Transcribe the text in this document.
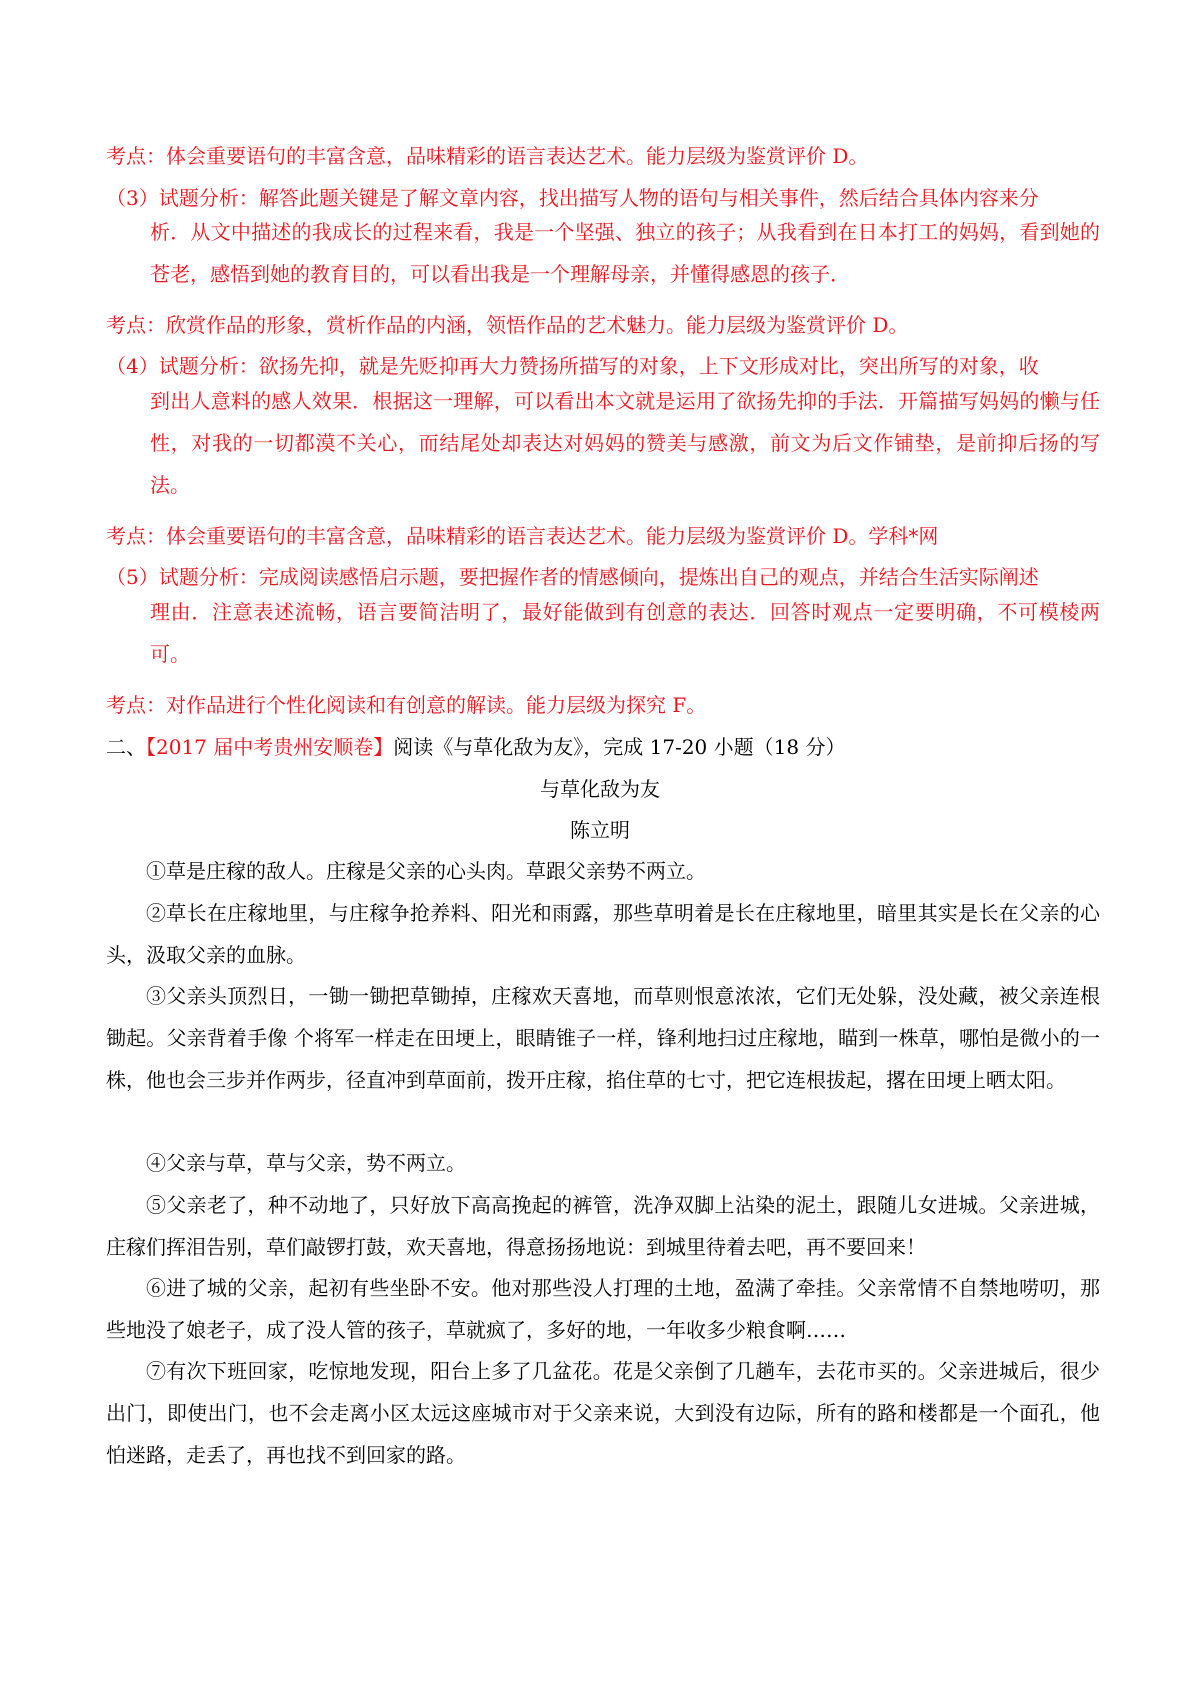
考点：体会重要语句的丰富含意，品味精彩的语言表达艺术。能力层级为鉴赏评价 D。
（3）试题分析：解答此题关键是了解文章内容，找出描写人物的语句与相关事件，然后结合具体内容来分
析．从文中描述的我成长的过程来看，我是一个坚强、独立的孩子；从我看到在日本打工的妈妈，看到她的苍老，感悟到她的教育目的，可以看出我是一个理解母亲，并懂得感恩的孩子．
考点：欣赏作品的形象，赏析作品的内涵，领悟作品的艺术魅力。能力层级为鉴赏评价 D。
（4）试题分析：欲扬先抑，就是先贬抑再大力赞扬所描写的对象，上下文形成对比，突出所写的对象，收
到出人意料的感人效果．根据这一理解，可以看出本文就是运用了欲扬先抑的手法．开篇描写妈妈的懒与任性，对我的一切都漠不关心，而结尾处却表达对妈妈的赞美与感激，前文为后文作铺垫，是前抑后扬的写法。
考点：体会重要语句的丰富含意，品味精彩的语言表达艺术。能力层级为鉴赏评价 D。学科*网
（5）试题分析：完成阅读感悟启示题，要把握作者的情感倾向，提炼出自己的观点，并结合生活实际阐述
理由．注意表述流畅，语言要简洁明了，最好能做到有创意的表达．回答时观点一定要明确，不可模棱两可。
考点：对作品进行个性化阅读和有创意的解读。能力层级为探究 F。
二、【2017 届中考贵州安顺卷】阅读《与草化敌为友》，完成 17-20 小题（18 分）
与草化敌为友
陈立明
①草是庄稼的敌人。庄稼是父亲的心头肉。草跟父亲势不两立。
②草长在庄稼地里，与庄稼争抢养料、阳光和雨露，那些草明着是长在庄稼地里，暗里其实是长在父亲的心头，汲取父亲的血脉。
③父亲头顶烈日，一锄一锄把草锄掉，庄稼欢天喜地，而草则恨意浓浓，它们无处躲，没处藏，被父亲连根锄起。父亲背着手像 个将军一样走在田埂上，眼睛锥子一样，锋利地扫过庄稼地，瞄到一株草，哪怕是微小的一株，他也会三步并作两步，径直冲到草面前，拨开庄稼，掐住草的七寸，把它连根拔起，撂在田埂上晒太阳。
④父亲与草，草与父亲，势不两立。
⑤父亲老了，种不动地了，只好放下高高挽起的裤管，洗净双脚上沾染的泥土，跟随儿女进城。父亲进城，庄稼们挥泪告别，草们敲锣打鼓，欢天喜地，得意扬扬地说：到城里待着去吧，再不要回来！
⑥进了城的父亲，起初有些坐卧不安。他对那些没人打理的土地，盈满了牵挂。父亲常情不自禁地唠叨，那些地没了娘老子，成了没人管的孩子，草就疯了，多好的地，一年收多少粮食啊……
⑦有次下班回家，吃惊地发现，阳台上多了几盆花。花是父亲倒了几趟车，去花市买的。父亲进城后，很少出门，即使出门，也不会走离小区太远这座城市对于父亲来说，大到没有边际，所有的路和楼都是一个面孔，他怕迷路，走丢了，再也找不到回家的路。
